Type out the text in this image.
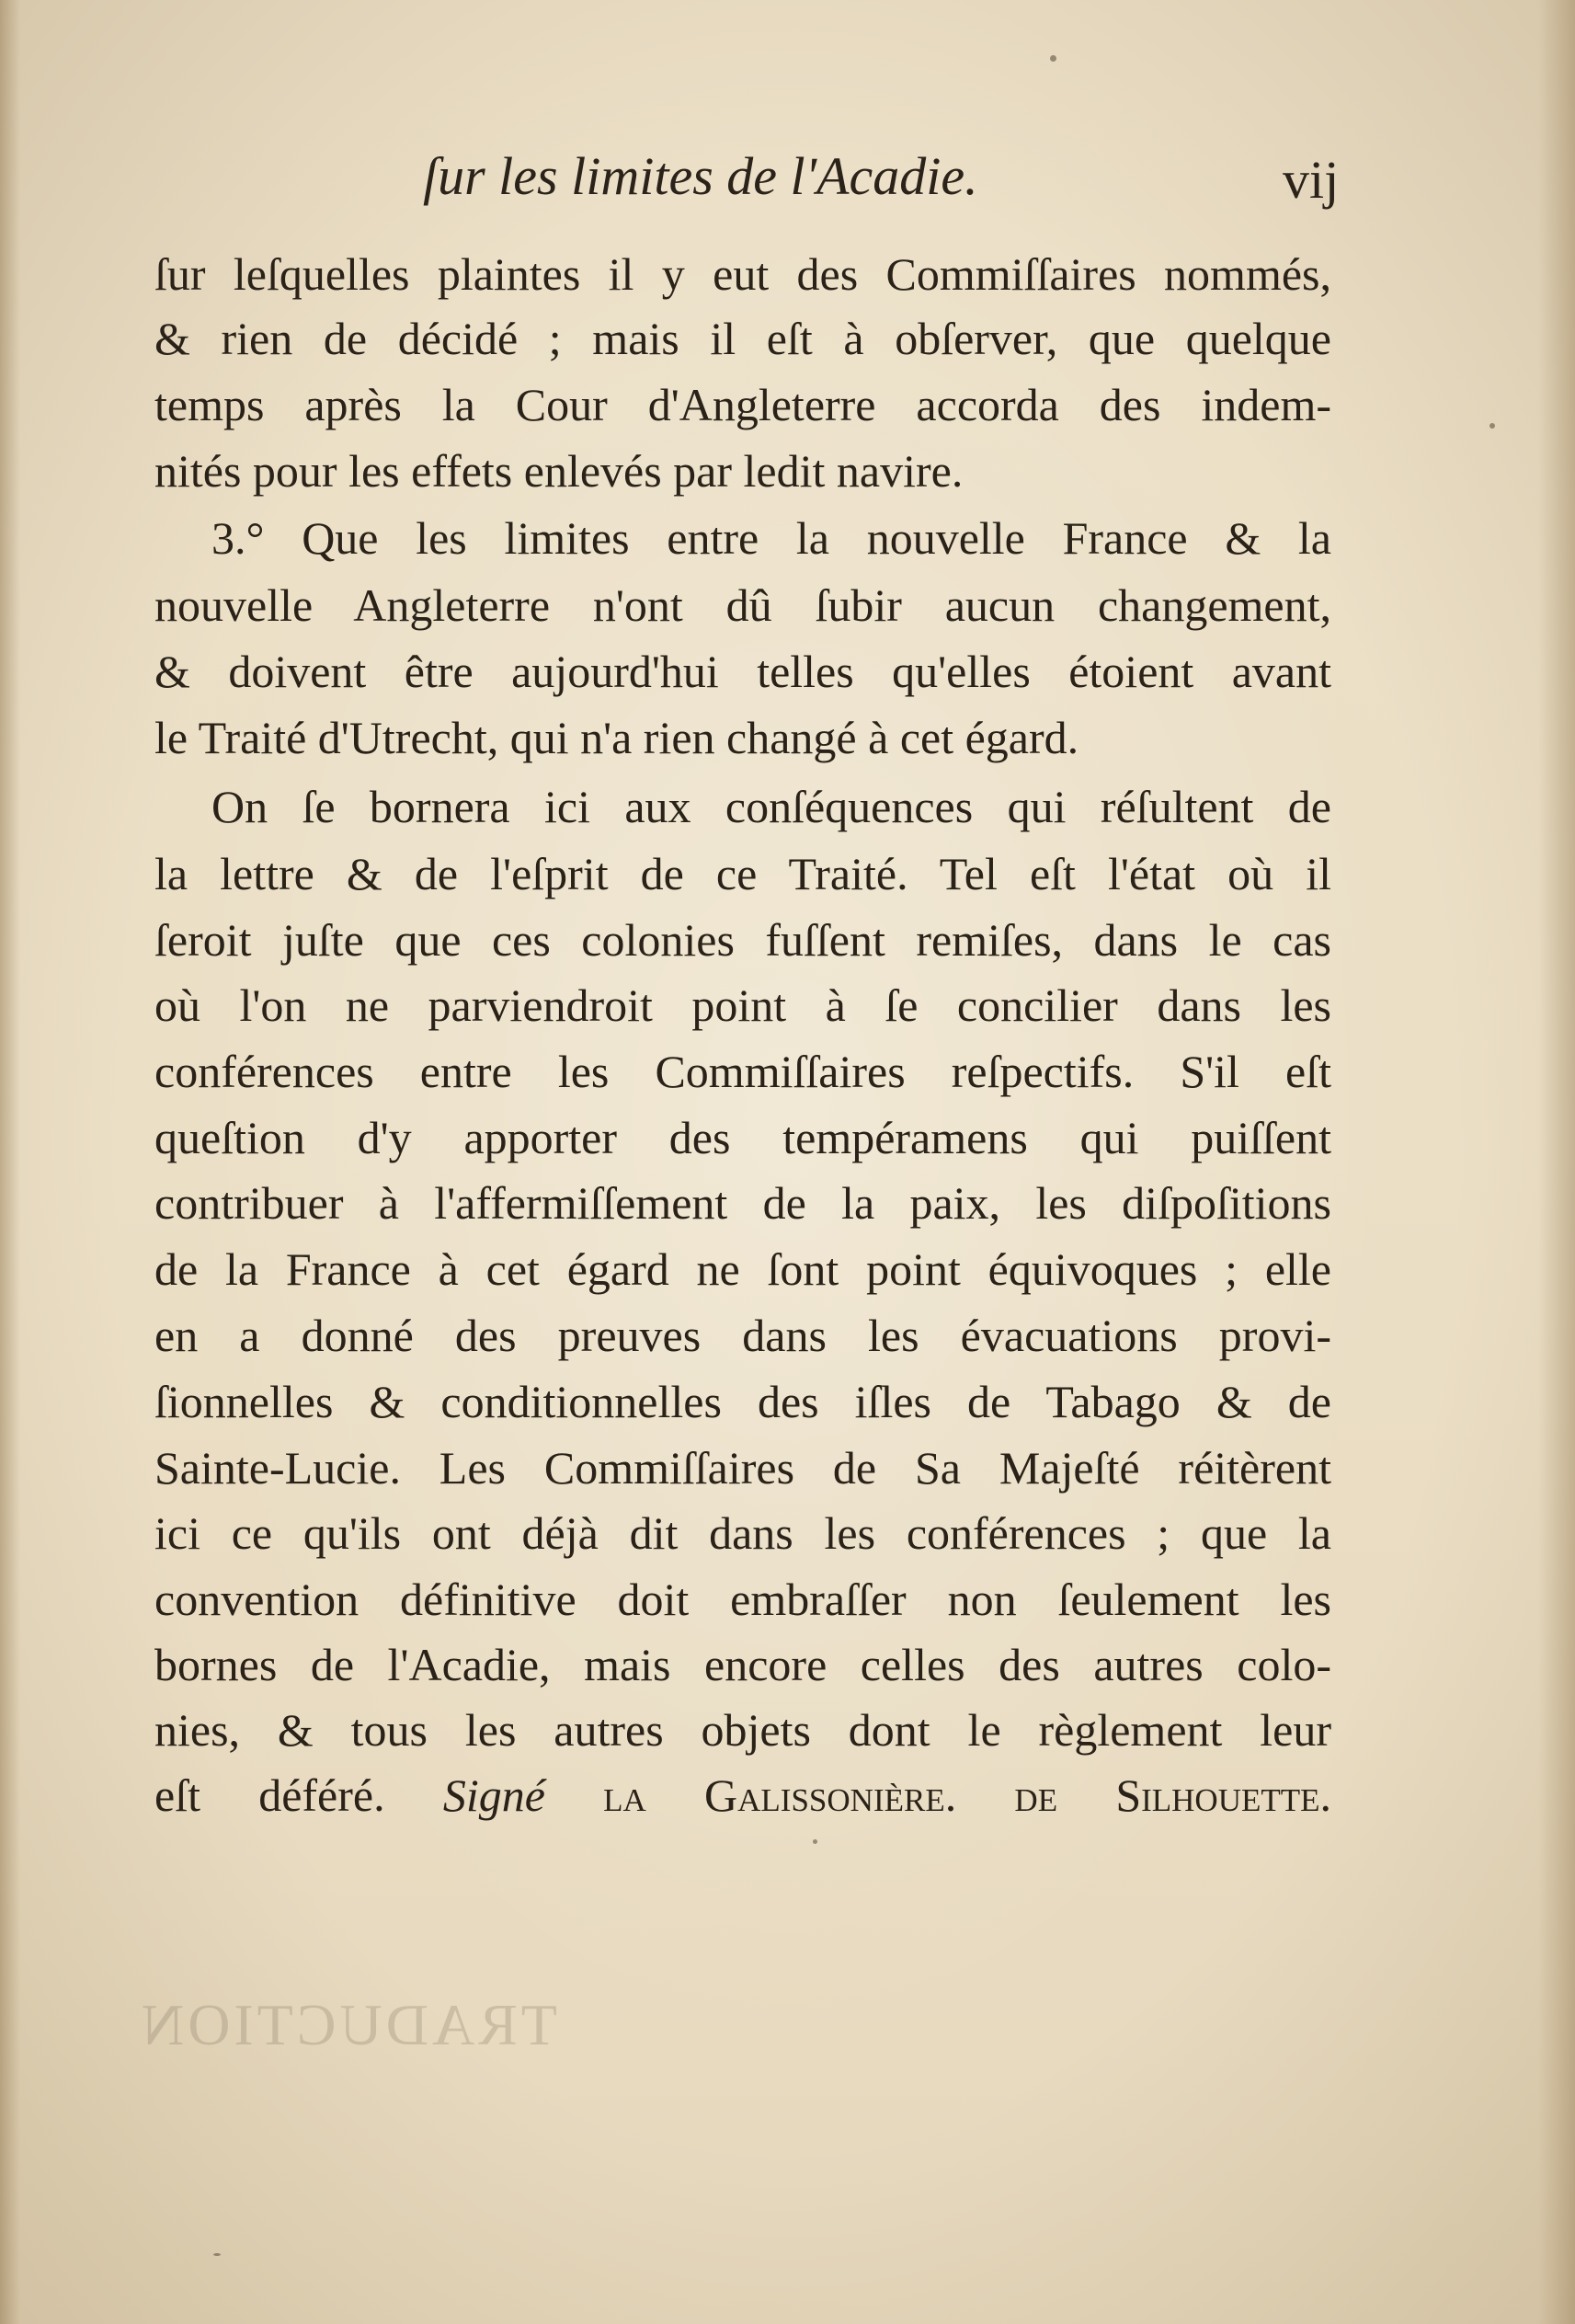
TRADUCTION
ſur les limites de l'Acadie.	vij
ſur leſquelles plaintes il y eut des Commiſſaires nommés,
& rien de décidé ; mais il eſt à obſerver, que quelque
temps après la Cour d'Angleterre accorda des indem-
nités pour les effets enlevés par ledit navire.
3.° Que les limites entre la nouvelle France & la
nouvelle Angleterre n'ont dû ſubir aucun changement,
& doivent être aujourd'hui telles qu'elles étoient avant
le Traité d'Utrecht, qui n'a rien changé à cet égard.
On ſe bornera ici aux conſéquences qui réſultent de
la lettre & de l'eſprit de ce Traité. Tel eſt l'état où il
ſeroit juſte que ces colonies fuſſent remiſes, dans le cas
où l'on ne parviendroit point à ſe concilier dans les
conférences entre les Commiſſaires reſpectifs. S'il eſt
queſtion d'y apporter des tempéramens qui puiſſent
contribuer à l'affermiſſement de la paix, les diſpoſitions
de la France à cet égard ne ſont point équivoques ; elle
en a donné des preuves dans les évacuations provi-
ſionnelles & conditionnelles des iſles de Tabago & de
Sainte-Lucie. Les Commiſſaires de Sa Majeſté réitèrent
ici ce qu'ils ont déjà dit dans les conférences ; que la
convention définitive doit embraſſer non ſeulement les
bornes de l'Acadie, mais encore celles des autres colo-
nies, & tous les autres objets dont le règlement leur
eſt déféré. Signé la Galissonière. de Silhouette.
